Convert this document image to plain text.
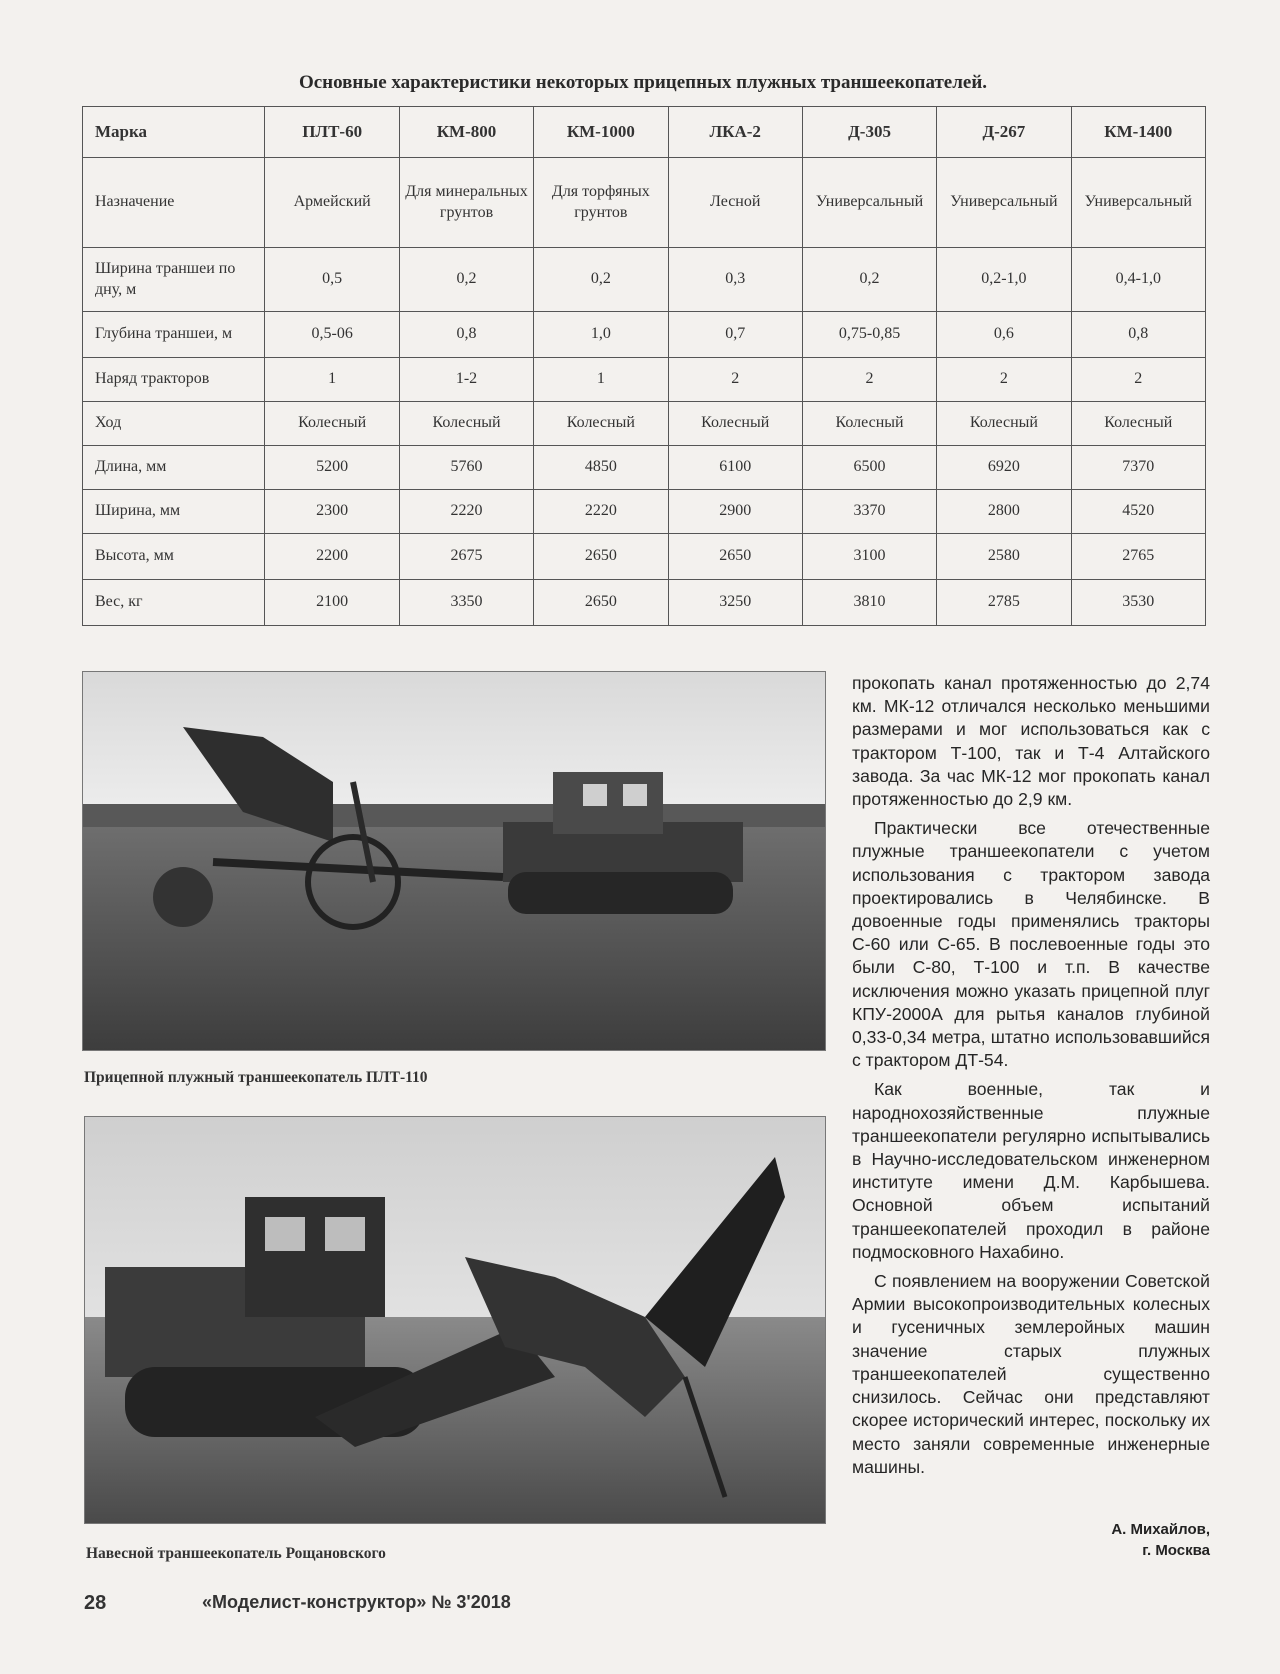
Основные характеристики некоторых прицепных плужных траншеекопателей.
Марка	ПЛТ-60	КМ-800	КМ-1000	ЛКА-2	Д-305	Д-267	КМ-1400
Назначение	Армейский	Для минеральных грунтов	Для торфяных грунтов	Лесной	Универсальный	Универсальный	Универсальный
Ширина траншеи по дну, м	0,5	0,2	0,2	0,3	0,2	0,2-1,0	0,4-1,0
Глубина траншеи, м	0,5-06	0,8	1,0	0,7	0,75-0,85	0,6	0,8
Наряд тракторов	1	1-2	1	2	2	2	2
Ход	Колесный	Колесный	Колесный	Колесный	Колесный	Колесный	Колесный
Длина, мм	5200	5760	4850	6100	6500	6920	7370
Ширина, мм	2300	2220	2220	2900	3370	2800	4520
Высота, мм	2200	2675	2650	2650	3100	2580	2765
Вес, кг	2100	3350	2650	3250	3810	2785	3530
Прицепной плужный траншеекопатель ПЛТ-110
Навесной траншеекопатель Рощановского

прокопать канал протяженностью до 2,74 км. МК-12 отличался несколько меньшими размерами и мог использоваться как с трактором Т-100, так и Т-4 Алтайского завода. За час МК-12 мог прокопать канал протяженностью до 2,9 км.

Практически все отечественные плужные траншеекопатели с учетом использования с трактором завода проектировались в Челябинске. В довоенные годы применялись тракторы С-60 или С-65. В послевоенные годы это были С-80, Т-100 и т.п. В качестве исключения можно указать прицепной плуг КПУ-2000А для рытья каналов глубиной 0,33-0,34 метра, штатно использовавшийся с трактором ДТ-54.

Как военные, так и народнохозяйственные плужные траншеекопатели регулярно испытывались в Научно-исследовательском инженерном институте имени Д.М. Карбышева. Основной объем испытаний траншеекопателей проходил в районе подмосковного Нахабино.

С появлением на вооружении Советской Армии высокопроизводительных колесных и гусеничных землеройных машин значение старых плужных траншеекопателей существенно снизилось. Сейчас они представляют скорее исторический интерес, поскольку их место заняли современные инженерные машины.

А. Михайлов,
г. Москва
28	«Моделист-конструктор» № 3'2018
